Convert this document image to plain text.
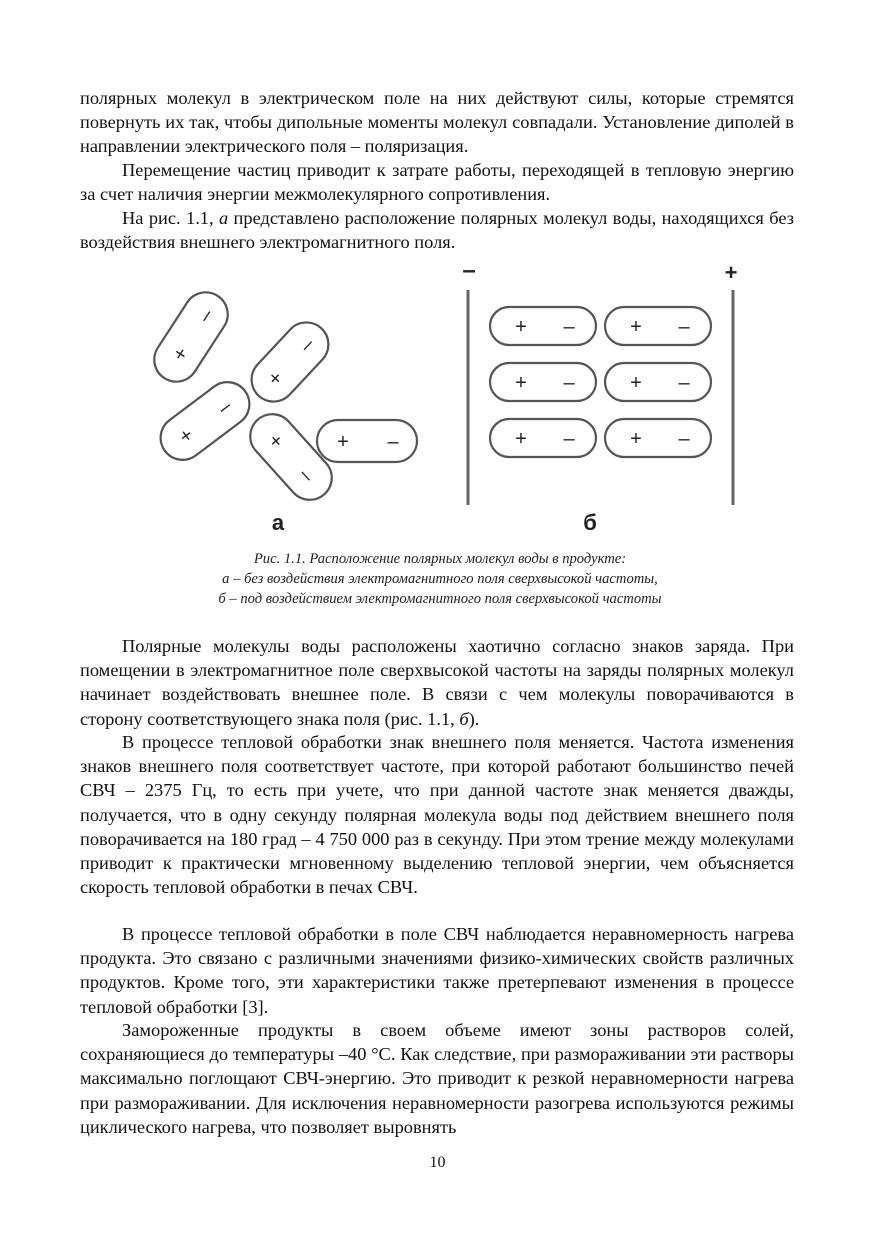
полярных молекул в электрическом поле на них действуют силы, которые стремятся повернуть их так, чтобы дипольные моменты молекул совпадали. Установление диполей в направлении электрического поля – поляризация.

Перемещение частиц приводит к затрате работы, переходящей в тепловую энергию за счет наличия энергии межмолекулярного сопротивления.

На рис. 1.1, а представлено расположение полярных молекул воды, находящихся без воздействия внешнего электромагнитного поля.

–
+	–
+
–
+
–
+ + –
+ –	+ –
+ –	+ –
+ –	+ –
–	+
а	б
Рис. 1.1. Расположение полярных молекул воды в продукте:
а – без воздействия электромагнитного поля сверхвысокой частоты,
б – под воздействием электромагнитного поля сверхвысокой частоты

Полярные молекулы воды расположены хаотично согласно знаков заряда. При помещении в электромагнитное поле сверхвысокой частоты на заряды полярных молекул начинает воздействовать внешнее поле. В связи с чем молекулы поворачиваются в сторону соответствующего знака поля (рис. 1.1, б).

В процессе тепловой обработки знак внешнего поля меняется. Частота изменения знаков внешнего поля соответствует частоте, при которой работают большинство печей СВЧ – 2375 Гц, то есть при учете, что при данной частоте знак меняется дважды, получается, что в одну секунду полярная молекула воды под действием внешнего поля поворачивается на 180 град – 4 750 000 раз в секунду. При этом трение между молекулами приводит к практически мгновенному выделению тепловой энергии, чем объясняется скорость тепловой обработки в печах СВЧ.

В процессе тепловой обработки в поле СВЧ наблюдается неравномерность нагрева продукта. Это связано с различными значениями физико-химических свойств различных продуктов. Кроме того, эти характеристики также претерпевают изменения в процессе тепловой обработки [3].

Замороженные продукты в своем объеме имеют зоны растворов солей, сохраняющиеся до температуры –40 °С. Как следствие, при размораживании эти растворы максимально поглощают СВЧ-энергию. Это приводит к резкой неравномерности нагрева при размораживании. Для исключения неравномерности разогрева используются режимы циклического нагрева, что позволяет выровнять

10
